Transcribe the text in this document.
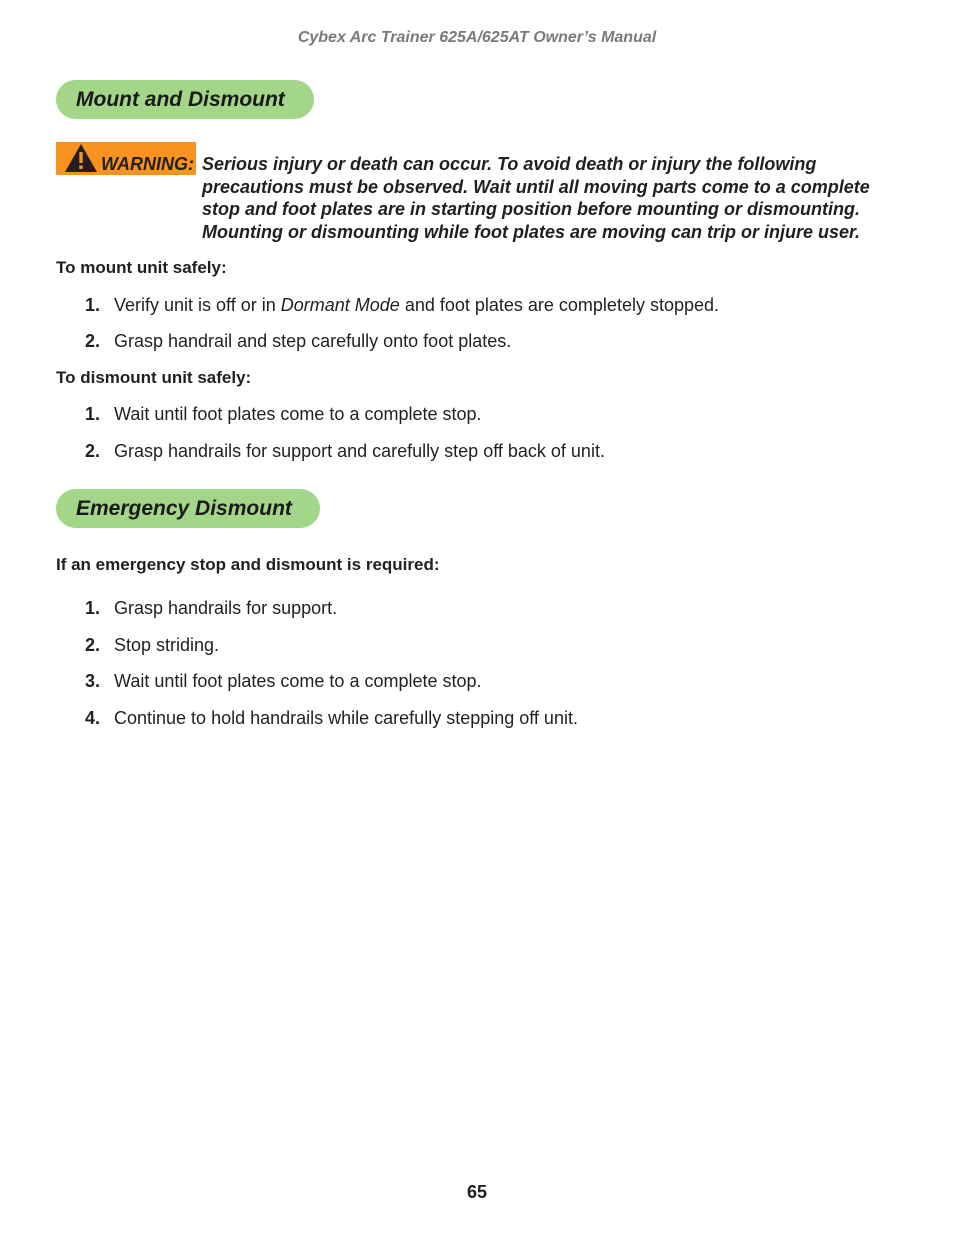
Cybex Arc Trainer 625A/625AT Owner’s Manual
Mount and Dismount
WARNING: Serious injury or death can occur. To avoid death or injury the following precautions must be observed. Wait until all moving parts come to a complete stop and foot plates are in starting position before mounting or dismounting. Mounting or dismounting while foot plates are moving can trip or injure user.
To mount unit safely:
1. Verify unit is off or in Dormant Mode and foot plates are completely stopped.
2. Grasp handrail and step carefully onto foot plates.
To dismount unit safely:
1. Wait until foot plates come to a complete stop.
2. Grasp handrails for support and carefully step off back of unit.
Emergency Dismount
If an emergency stop and dismount is required:
1. Grasp handrails for support.
2. Stop striding.
3. Wait until foot plates come to a complete stop.
4. Continue to hold handrails while carefully stepping off unit.
65
